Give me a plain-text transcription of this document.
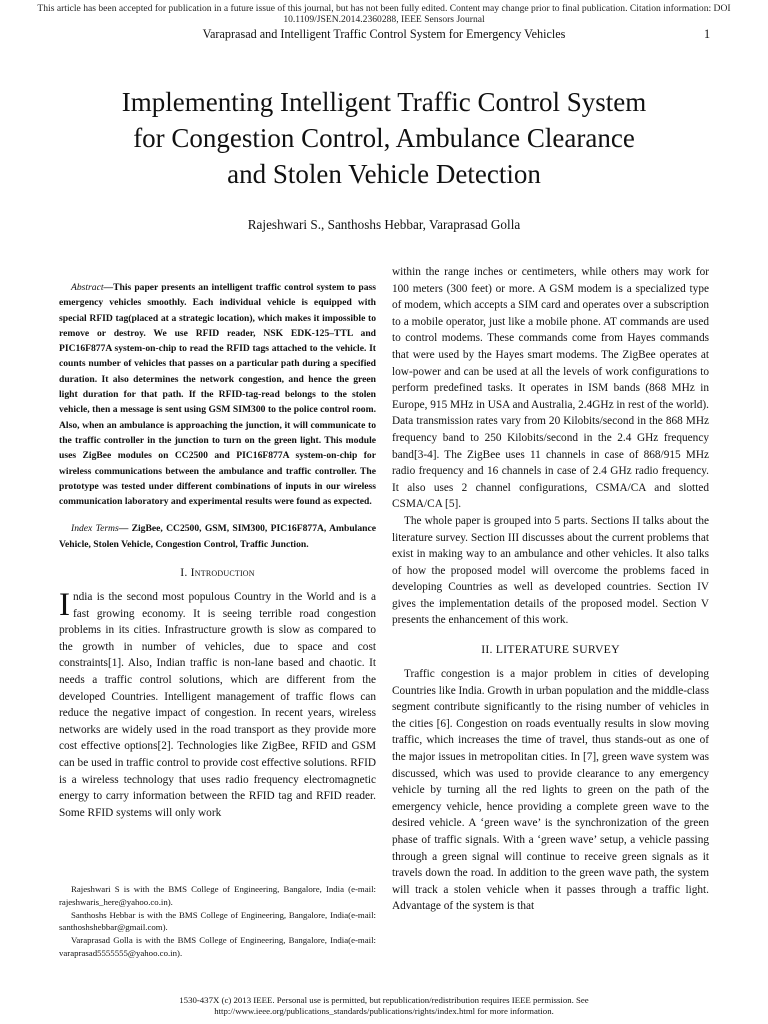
This article has been accepted for publication in a future issue of this journal, but has not been fully edited. Content may change prior to final publication. Citation information: DOI
10.1109/JSEN.2014.2360288, IEEE Sensors Journal
Varaprasad and Intelligent Traffic Control System for Emergency Vehicles	1
Implementing Intelligent Traffic Control System
for Congestion Control, Ambulance Clearance
and Stolen Vehicle Detection
Rajeshwari S., Santhoshs Hebbar, Varaprasad Golla

Abstract—This paper presents an intelligent traffic control system to pass emergency vehicles smoothly. Each individual vehicle is equipped with special RFID tag(placed at a strategic location), which makes it impossible to remove or destroy. We use RFID reader, NSK EDK-125–TTL and PIC16F877A system-on-chip to read the RFID tags attached to the vehicle. It counts number of vehicles that passes on a particular path during a specified duration. It also determines the network congestion, and hence the green light duration for that path. If the RFID-tag-read belongs to the stolen vehicle, then a message is sent using GSM SIM300 to the police control room. Also, when an ambulance is approaching the junction, it will communicate to the traffic controller in the junction to turn on the green light. This module uses ZigBee modules on CC2500 and PIC16F877A system-on-chip for wireless communications between the ambulance and traffic controller. The prototype was tested under different combinations of inputs in our wireless communication laboratory and experimental results were found as expected.

Index Terms— ZigBee, CC2500, GSM, SIM300, PIC16F877A, Ambulance Vehicle, Stolen Vehicle, Congestion Control, Traffic Junction.

I. Introduction

India is the second most populous Country in the World and is a fast growing economy. It is seeing terrible road congestion problems in its cities. Infrastructure growth is slow as compared to the growth in number of vehicles, due to space and cost constraints[1]. Also, Indian traffic is non-lane based and chaotic. It needs a traffic control solutions, which are different from the developed Countries. Intelligent management of traffic flows can reduce the negative impact of congestion. In recent years, wireless networks are widely used in the road transport as they provide more cost effective options[2]. Technologies like ZigBee, RFID and GSM can be used in traffic control to provide cost effective solutions. RFID is a wireless technology that uses radio frequency electromagnetic energy to carry information between the RFID tag and RFID reader. Some RFID systems will only work

Rajeshwari S is with the BMS College of Engineering, Bangalore, India (e-mail: rajeshwaris_here@yahoo.co.in).

Santhoshs Hebbar is with the BMS College of Engineering, Bangalore, India(e-mail: santhoshshebbar@gmail.com).

Varaprasad Golla is with the BMS College of Engineering, Bangalore, India(e-mail: varaprasad5555555@yahoo.co.in).

within the range inches or centimeters, while others may work for 100 meters (300 feet) or more. A GSM modem is a specialized type of modem, which accepts a SIM card and operates over a subscription to a mobile operator, just like a mobile phone. AT commands are used to control modems. These commands come from Hayes commands that were used by the Hayes smart modems. The ZigBee operates at low-power and can be used at all the levels of work configurations to perform predefined tasks. It operates in ISM bands (868 MHz in Europe, 915 MHz in USA and Australia, 2.4GHz in rest of the world). Data transmission rates vary from 20 Kilobits/second in the 868 MHz frequency band to 250 Kilobits/second in the 2.4 GHz frequency band[3-4]. The ZigBee uses 11 channels in case of 868/915 MHz radio frequency and 16 channels in case of 2.4 GHz radio frequency. It also uses 2 channel configurations, CSMA/CA and slotted CSMA/CA [5].

The whole paper is grouped into 5 parts. Sections II talks about the literature survey. Section III discusses about the current problems that exist in making way to an ambulance and other vehicles. It also talks of how the proposed model will overcome the problems faced in developing Countries as well as developed countries. Section IV gives the implementation details of the proposed model. Section V presents the enhancement of this work.

II. LITERATURE SURVEY

Traffic congestion is a major problem in cities of developing Countries like India. Growth in urban population and the middle-class segment contribute significantly to the rising number of vehicles in the cities [6]. Congestion on roads eventually results in slow moving traffic, which increases the time of travel, thus stands-out as one of the major issues in metropolitan cities. In [7], green wave system was discussed, which was used to provide clearance to any emergency vehicle by turning all the red lights to green on the path of the emergency vehicle, hence providing a complete green wave to the desired vehicle. A ‘green wave’ is the synchronization of the green phase of traffic signals. With a ‘green wave’ setup, a vehicle passing through a green signal will continue to receive green signals as it travels down the road. In addition to the green wave path, the system will track a stolen vehicle when it passes through a traffic light. Advantage of the system is that

1530-437X (c) 2013 IEEE. Personal use is permitted, but republication/redistribution requires IEEE permission. See
http://www.ieee.org/publications_standards/publications/rights/index.html for more information.
